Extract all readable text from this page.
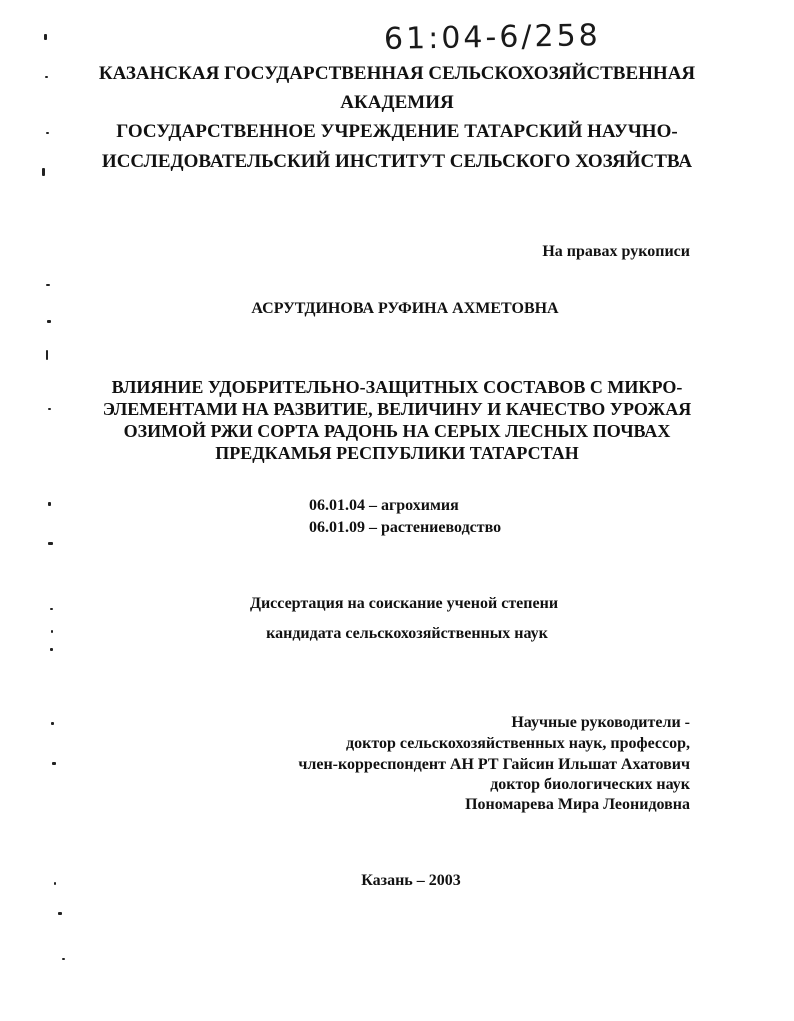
61:04-6/258
КАЗАНСКАЯ ГОСУДАРСТВЕННАЯ СЕЛЬСКОХОЗЯЙСТВЕННАЯ
АКАДЕМИЯ
ГОСУДАРСТВЕННОЕ УЧРЕЖДЕНИЕ ТАТАРСКИЙ НАУЧНО-
ИССЛЕДОВАТЕЛЬСКИЙ ИНСТИТУТ СЕЛЬСКОГО ХОЗЯЙСТВА
На правах рукописи
АСРУТДИНОВА РУФИНА АХМЕТОВНА
ВЛИЯНИЕ УДОБРИТЕЛЬНО-ЗАЩИТНЫХ СОСТАВОВ С МИКРО-
ЭЛЕМЕНТАМИ НА РАЗВИТИЕ, ВЕЛИЧИНУ И КАЧЕСТВО УРОЖАЯ
ОЗИМОЙ РЖИ СОРТА РАДОНЬ НА СЕРЫХ ЛЕСНЫХ ПОЧВАХ
ПРЕДКАМЬЯ РЕСПУБЛИКИ ТАТАРСТАН
06.01.04 – агрохимия
06.01.09 – растениеводство
Диссертация на соискание ученой степени
кандидата сельскохозяйственных наук
Научные руководители -
доктор сельскохозяйственных наук, профессор,
член-корреспондент АН РТ Гайсин Ильшат Ахатович
доктор биологических наук
Пономарева Мира Леонидовна
Казань – 2003
